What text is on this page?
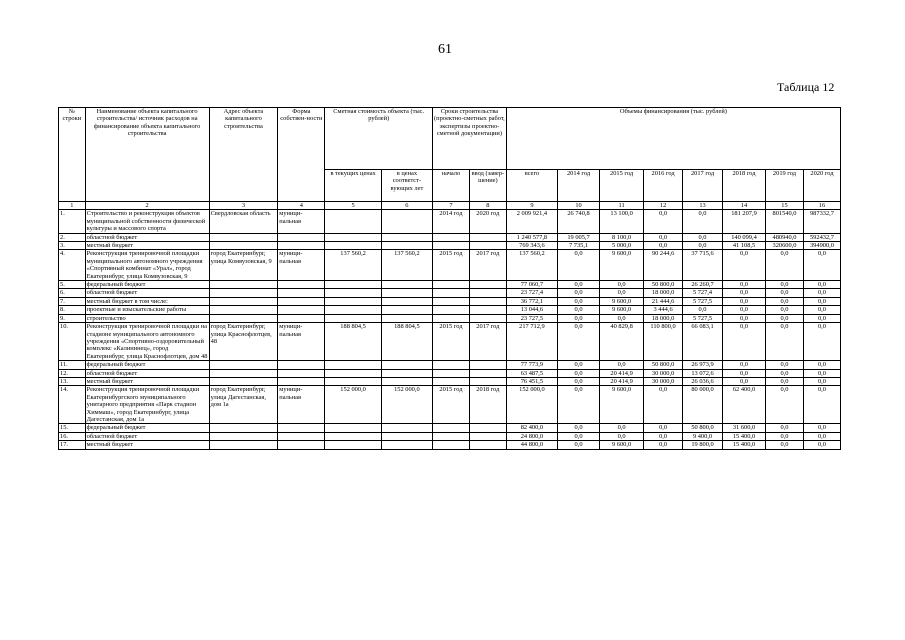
61
Таблица 12
№ строки	Наименование объекта капитального строительства/ источник расходов на финансирование объекта капитального строительства	Адрес объекта капитального строительства	Форма собствен-ности	Сметная стоимость объекта (тыс. рублей)		Сроки строительства (проектно-сметных работ, экспертизы проектно-сметной документации)		Объемы финансирования (тыс. рублей)							
				в текущих ценах	в ценах соответст-вующих лет	начало	ввод (завер-шение)	всего	2014 год	2015 год	2016 год	2017 год	2018 год	2019 год	2020 год
1	2	3	4	5	6	7	8	9	10	11	12	13	14	15	16
1.	Строительство и реконструкция объектов муниципальной собственности физической культуры и массового спорта	Свердловская область	муници-пальная			2014 год	2020 год	2 009 921,4	26 740,8	13 100,0	0,0	0,0	181 207,9	801540,0	987332,7
2.	областной бюджет							1 240 577,8	19 005,7	8 100,0	0,0	0,0	140 099,4	480940,0	592432,7
3.	местный бюджет							769 343,6	7 735,1	5 000,0	0,0	0,0	41 108,5	320600,0	394900,0
4.	Реконструкция тренировочной площадки муниципального автономного учреждения «Спортивный комбинат «Урал», город Екатеринбург, улица Комвузовская, 9	город Екатеринбург, улица Комвузовская, 9	муници-пальная	137 560,2	137 560,2	2015 год	2017 год	137 560,2	0,0	9 600,0	90 244,6	37 715,6	0,0	0,0	0,0
5.	федеральный бюджет							77 060,7	0,0	0,0	50 800,0	26 260,7	0,0	0,0	0,0
6.	областной бюджет							23 727,4	0,0	0,0	18 000,0	5 727,4	0,0	0,0	0,0
7.	местный бюджет в том числе:							36 772,1	0,0	9 600,0	21 444,6	5 727,5	0,0	0,0	0,0
8.	проектные и изыскательские работы							13 044,6	0,0	9 600,0	3 444,6	0,0	0,0	0,0	0,0
9.	строительство							23 727,5	0,0	0,0	18 000,0	5 727,5	0,0	0,0	0,0
10.	Реконструкция тренировочной площадки на стадионе муниципального автономного учреждения «Спортивно-оздоровительный комплекс «Калининец», город Екатеринбург, улица Краснофлотцев, дом 48	город Екатеринбург, улица Краснофлотцев, 48	муници-пальная	188 804,5	188 804,5	2015 год	2017 год	217 712,9	0,0	40 829,8	110 800,0	66 083,1	0,0	0,0	0,0
11.	федеральный бюджет							77 773,9	0,0	0,0	50 800,0	26 973,9	0,0	0,0	0,0
12.	областной бюджет							63 487,5	0,0	20 414,9	30 000,0	13 072,6	0,0	0,0	0,0
13.	местный бюджет							76 451,5	0,0	20 414,9	30 000,0	26 036,6	0,0	0,0	0,0
14.	Реконструкция тренировочной площадки Екатеринбургского муниципального унитарного предприятия «Парк стадион Химмаш», город Екатеринбург, улица Дагестанская, дом 1а	город Екатеринбург, улица Дагестанская, дом 1а	муници-пальная	152 000,0	152 000,0	2015 год	2018 год	152 000,0	0,0	9 600,0	0,0	80 000,0	62 400,0	0,0	0,0
15.	федеральный бюджет							82 400,0	0,0	0,0	0,0	50 800,0	31 600,0	0,0	0,0
16.	областной бюджет							24 800,0	0,0	0,0	0,0	9 400,0	15 400,0	0,0	0,0
17.	местный бюджет							44 800,0	0,0	9 600,0	0,0	19 800,0	15 400,0	0,0	0,0
